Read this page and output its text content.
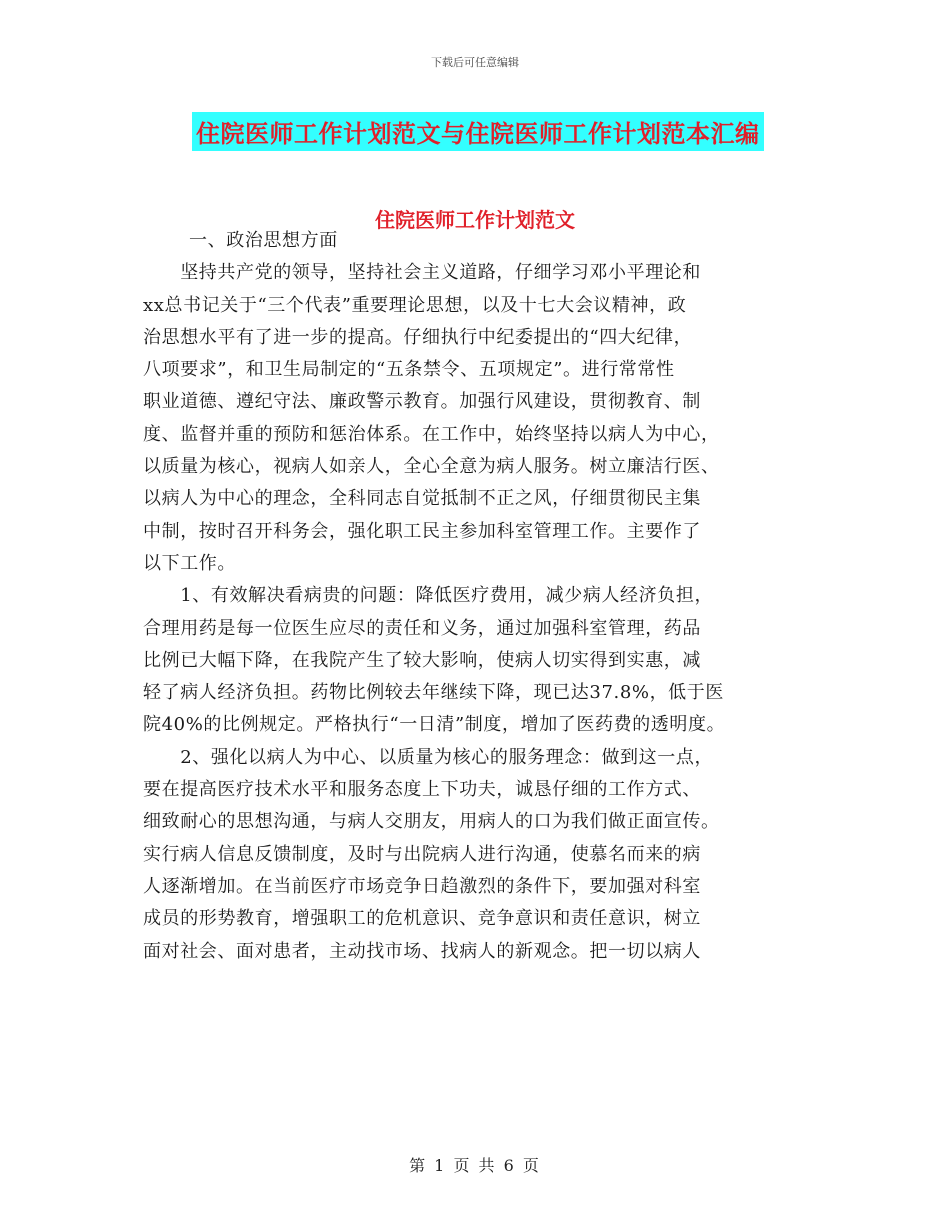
下载后可任意编辑
住院医师工作计划范文与住院医师工作计划范本汇编
住院医师工作计划范文
一、政治思想方面
　　坚持共产党的领导，坚持社会主义道路，仔细学习邓小平理论和
xx总书记关于“三个代表”重要理论思想，以及十七大会议精神，政
治思想水平有了进一步的提高。仔细执行中纪委提出的“四大纪律，
八项要求”，和卫生局制定的“五条禁令、五项规定”。进行常常性
职业道德、遵纪守法、廉政警示教育。加强行风建设，贯彻教育、制
度、监督并重的预防和惩治体系。在工作中，始终坚持以病人为中心，
以质量为核心，视病人如亲人，全心全意为病人服务。树立廉洁行医、
以病人为中心的理念，全科同志自觉抵制不正之风，仔细贯彻民主集
中制，按时召开科务会，强化职工民主参加科室管理工作。主要作了
以下工作。
　　1、有效解决看病贵的问题：降低医疗费用，减少病人经济负担，
合理用药是每一位医生应尽的责任和义务，通过加强科室管理，药品
比例已大幅下降，在我院产生了较大影响，使病人切实得到实惠，减
轻了病人经济负担。药物比例较去年继续下降，现已达37.8%，低于医
院40%的比例规定。严格执行“一日清”制度，增加了医药费的透明度。
　　2、强化以病人为中心、以质量为核心的服务理念：做到这一点，
要在提高医疗技术水平和服务态度上下功夫，诚恳仔细的工作方式、
细致耐心的思想沟通，与病人交朋友，用病人的口为我们做正面宣传。
实行病人信息反馈制度，及时与出院病人进行沟通，使慕名而来的病
人逐渐增加。在当前医疗市场竞争日趋激烈的条件下，要加强对科室
成员的形势教育，增强职工的危机意识、竞争意识和责任意识，树立
面对社会、面对患者，主动找市场、找病人的新观念。把一切以病人
第 1 页 共 6 页
